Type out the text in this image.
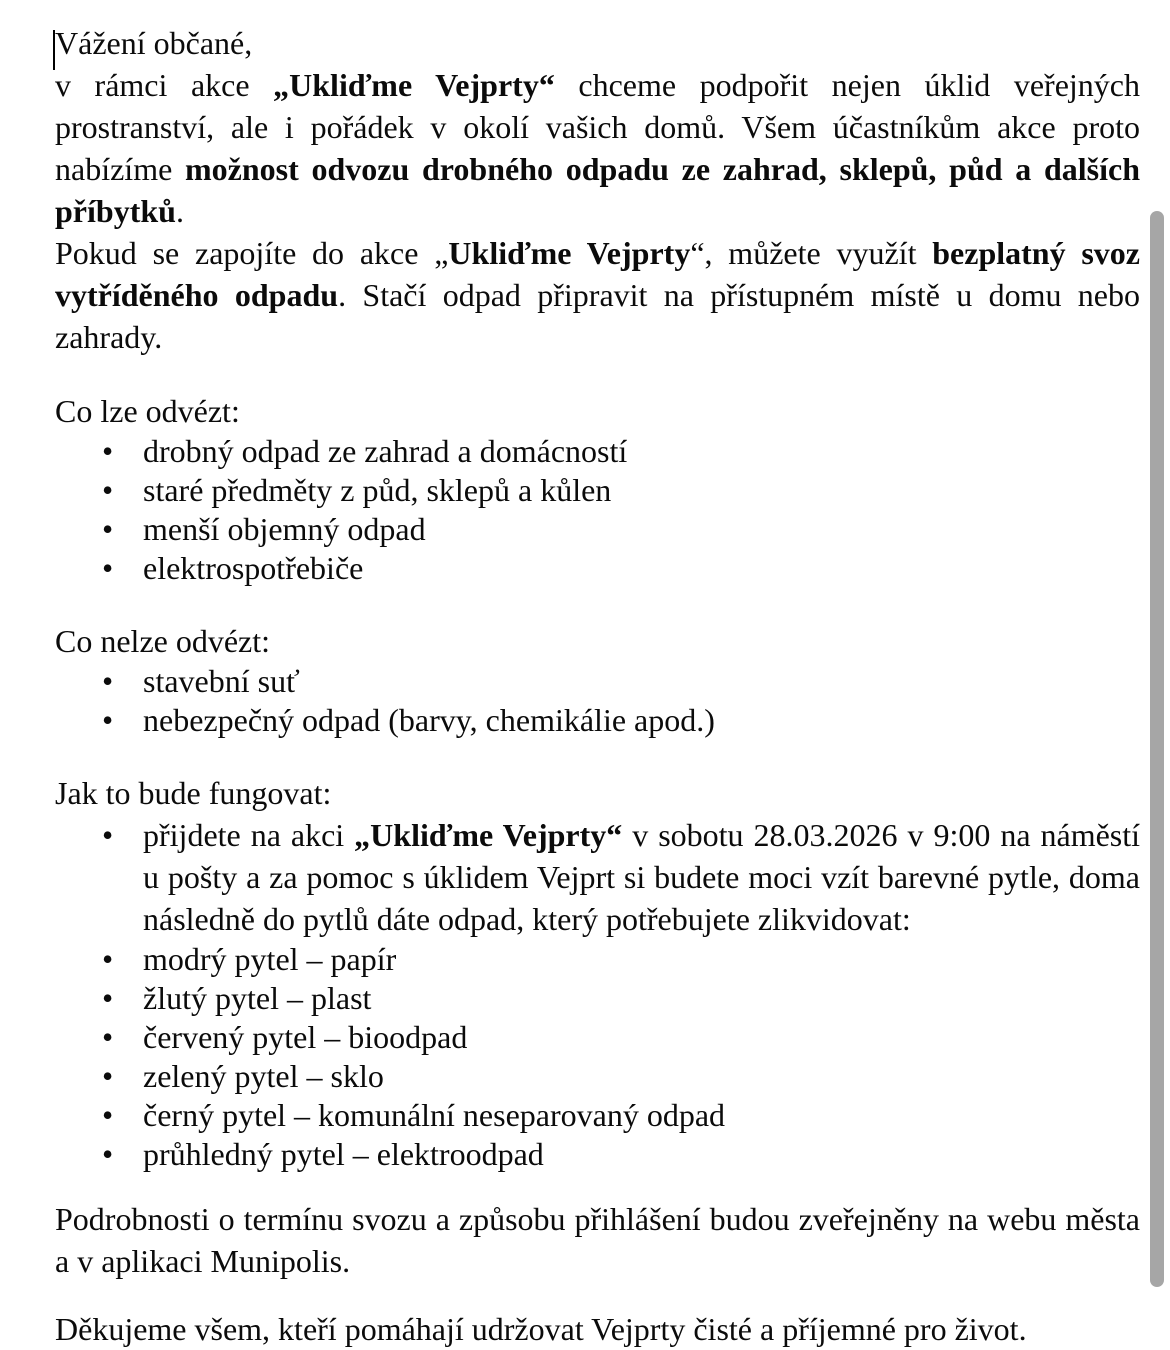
Vážení občané,

v rámci akce „Ukliďme Vejprty“ chceme podpořit nejen úklid veřejných prostranství, ale i pořádek v okolí vašich domů. Všem účastníkům akce proto nabízíme možnost odvozu drobného odpadu ze zahrad, sklepů, půd a dalších příbytků.

Pokud se zapojíte do akce „Ukliďme Vejprty“, můžete využít bezplatný svoz vytříděného odpadu. Stačí odpad připravit na přístupném místě u domu nebo zahrady.

Co lze odvézt:
• drobný odpad ze zahrad a domácností
• staré předměty z půd, sklepů a kůlen
• menší objemný odpad
• elektrospotřebiče
Co nelze odvézt:
• stavební suť
• nebezpečný odpad (barvy, chemikálie apod.)
Jak to bude fungovat:
• přijdete na akci „Ukliďme Vejprty“ v sobotu 28.03.2026 v 9:00 na náměstí u pošty a za pomoc s úklidem Vejprt si budete moci vzít barevné pytle, doma následně do pytlů dáte odpad, který potřebujete zlikvidovat:
• modrý pytel – papír
• žlutý pytel – plast
• červený pytel – bioodpad
• zelený pytel – sklo
• černý pytel – komunální neseparovaný odpad
• průhledný pytel – elektroodpad

Podrobnosti o termínu svozu a způsobu přihlášení budou zveřejněny na webu města a v aplikaci Munipolis.

Děkujeme všem, kteří pomáhají udržovat Vejprty čisté a příjemné pro život.
